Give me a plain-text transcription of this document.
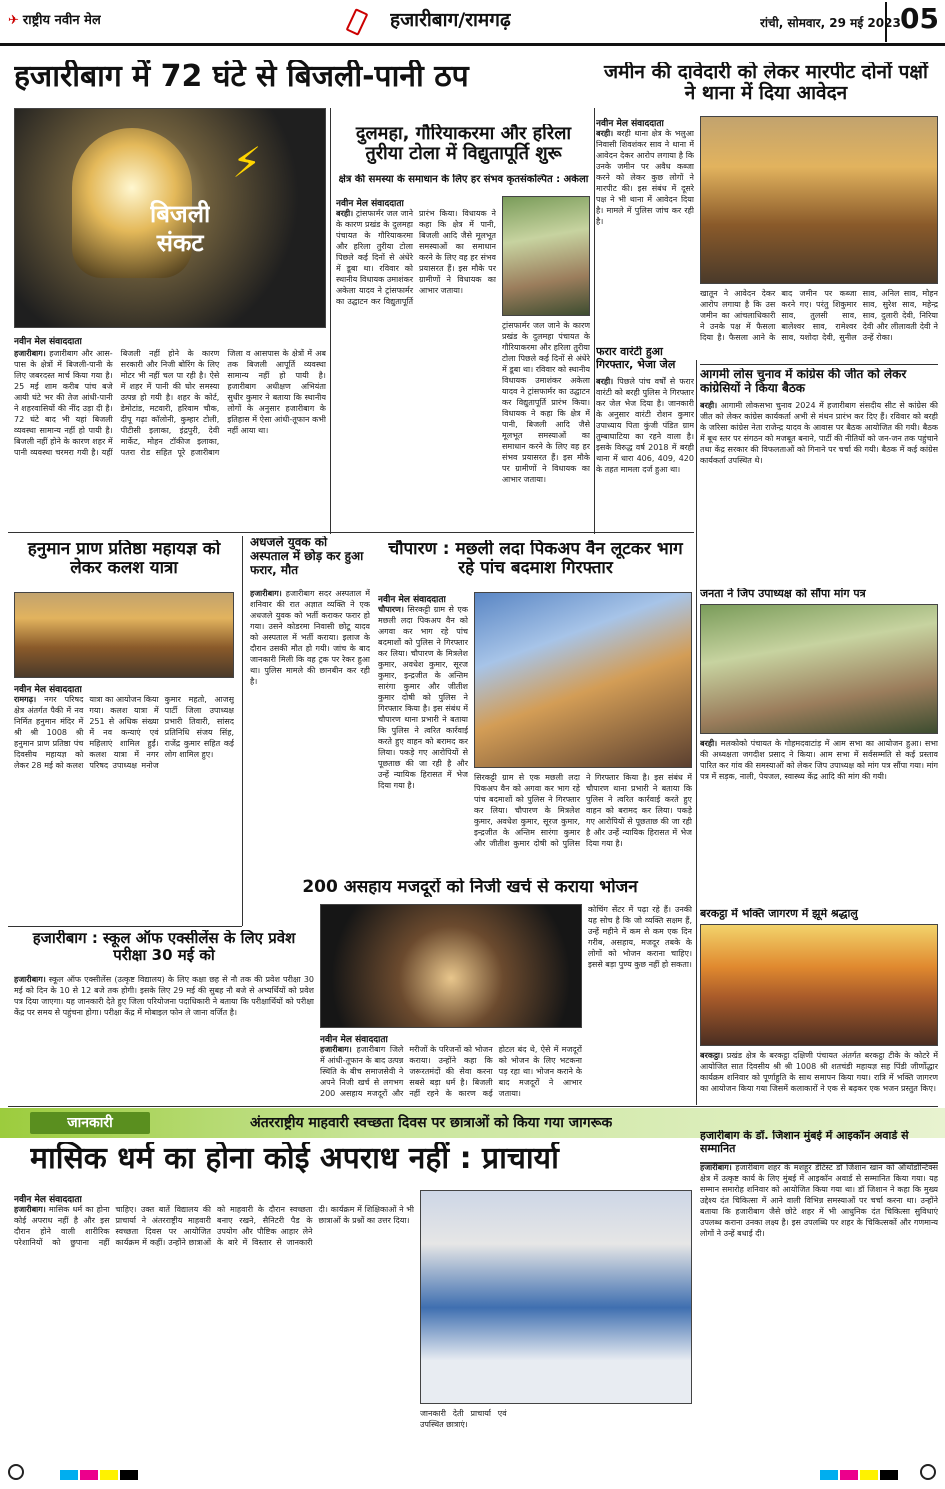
✈ राष्ट्रीय नवीन मेल	हजारीबाग/रामगढ़	रांची, सोमवार, 29 मई 2023 05
हजारीबाग में 72 घंटे से बिजली-पानी ठप
⚡
बिजली
संकट
नवीन मेल संवाददाता
हजारीबाग। हजारीबाग और आस-पास के क्षेत्रों में बिजली-पानी के लिए जबरदस्त मार्च किया गया है। 25 मई शाम करीब पांच बजे आयी घंटे भर की तेज आंधी-पानी ने शहरवासियों की नींद उड़ा दी है। 72 घंटे बाद भी यहां बिजली व्यवस्था सामान्य नहीं हो पायी है। बिजली नहीं होने के कारण शहर में पानी व्यवस्था चरमरा गयी है। यहीं बिजली नहीं होने के कारण सरकारी और निजी बोरिंग के लिए मोटर भी नहीं चल पा रही है। ऐसे में शहर में पानी की घोर समस्या उत्पन्न हो गयी है। शहर के कोर्ट, डेमोटांड, मटवारी, हरिवाम चौक, दीपू गढ़ा कॉलोनी, कुम्हार टोली, पीटीसी इलाका, इंद्रपुरी, देवी मार्केट, मोहन टॉकीज इलाका, पतरा रोड सहित पूरे हजारीबाग जिला व आसपास के क्षेत्रों में अब तक बिजली आपूर्ति व्यवस्था सामान्य नहीं हो पायी है। हजारीबाग अधीक्षण अभियंता सुधीर कुमार ने बताया कि स्थानीय लोगों के अनुसार हजारीबाग के इतिहास में ऐसा आंधी-तूफान कभी नहीं आया था।
दुलमहा, गौरियाकरमा और हरिला तुरीया टोला में विद्युतापूर्ति शुरू
क्षेत्र की समस्या के समाधान के लिए हर संभव कृतसंकल्पित : अकेला
नवीन मेल संवाददाता
बरही। ट्रांसफार्मर जल जाने के कारण प्रखंड के दुलमहा पंचायत के गौरियाकरमा और हरिला तुरीया टोला पिछले कई दिनों से अंधेरे में डूबा था। रविवार को स्थानीय विधायक उमाशंकर अकेला यादव ने ट्रांसफार्मर का उद्घाटन कर विद्युतापूर्ति प्रारंभ किया। विधायक ने कहा कि क्षेत्र में पानी, बिजली आदि जैसे मूलभूत समस्याओं का समाधान करने के लिए वह हर संभव प्रयासरत हैं। इस मौके पर ग्रामीणों ने विधायक का आभार जताया।
ट्रांसफार्मर जल जाने के कारण प्रखंड के दुलमहा पंचायत के गौरियाकरमा और हरिला तुरीया टोला पिछले कई दिनों से अंधेरे में डूबा था। रविवार को स्थानीय विधायक उमाशंकर अकेला यादव ने ट्रांसफार्मर का उद्घाटन कर विद्युतापूर्ति प्रारंभ किया। विधायक ने कहा कि क्षेत्र में पानी, बिजली आदि जैसे मूलभूत समस्याओं का समाधान करने के लिए वह हर संभव प्रयासरत हैं। इस मौके पर ग्रामीणों ने विधायक का आभार जताया।
जमीन की दावेदारी को लेकर मारपीट दोनों पक्षों ने थाना में दिया आवेदन
नवीन मेल संवाददाता
बरही। बरही थाना क्षेत्र के भलुआ निवासी शिवशंकर साव ने थाना में आवेदन देकर आरोप लगाया है कि उनके जमीन पर अवैध कब्जा करने को लेकर कुछ लोगों ने मारपीट की। इस संबंध में दूसरे पक्ष ने भी थाना में आवेदन दिया है। मामले में पुलिस जांच कर रही है।
खातून ने आवेदन देकर आरोप लगाया है कि उस जमीन का आंचलाधिकारी ने उनके पक्ष में फैसला दिया है। फैसला आने के बाद जमीन पर कब्जा करने गए। परंतु शिकुमार साव, तुलसी साव, बालेश्वर साव, रामेश्वर साव, यशोदा देवी, सुनील साव, अनिल साव, मोहन साव, सुरेश साव, महेन्द्र साव, दुलारी देवी, निरिया देवी और लीलावती देवी ने उन्हें रोका।
फरार वारंटी हुआ गिरफ्तार, भेजा जेल
बरही। पिछले पांच वर्षों से फरार वारंटी को बरही पुलिस ने गिरफ्तार कर जेल भेज दिया है। जानकारी के अनुसार वारंटी रोशन कुमार उपाध्याय पिता कुंजी पंडित ग्राम तुम्बाघाटिया का रहने वाला है। इसके विरुद्ध वर्ष 2018 में बरही थाना में धारा 406, 409, 420 के तहत मामला दर्ज हुआ था।
आगमी लोस चुनाव में कांग्रेस की जीत को लेकर कांग्रेसियों ने किया बैठक
बरही। आगामी लोकसभा चुनाव 2024 में हजारीबाग संसदीय सीट से कांग्रेस की जीत को लेकर कांग्रेस कार्यकर्ता अभी से मंथन प्रारंभ कर दिए हैं। रविवार को बरही के जरिसा कांग्रेस नेता राजेन्द्र यादव के आवास पर बैठक आयोजित की गयी। बैठक में बूथ स्तर पर संगठन को मजबूत बनाने, पार्टी की नीतियों को जन-जन तक पहुंचाने तथा केंद्र सरकार की विफलताओं को गिनाने पर चर्चा की गयी। बैठक में कई कांग्रेस कार्यकर्ता उपस्थित थे।
जनता ने जिप उपाध्यक्ष को सौंपा मांग पत्र
बरही। मलकोको पंचायत के गोहमदवाटांड़ में आम सभा का आयोजन हुआ। सभा की अध्यक्षता जगदीश प्रसाद ने किया। आम सभा में सर्वसम्मति से कई प्रस्ताव पारित कर गांव की समस्याओं को लेकर जिप उपाध्यक्ष को मांग पत्र सौंपा गया। मांग पत्र में सड़क, नाली, पेयजल, स्वास्थ्य केंद्र आदि की मांग की गयी।
बरकट्ठा में भक्ति जागरण में झूमे श्रद्धालु
बरकट्ठा। प्रखंड क्षेत्र के बरकट्ठा दक्षिणी पंचायत अंतर्गत बरकट्ठा टीके के कोटरे में आयोजित सात दिवसीय श्री श्री 1008 श्री शतचंडी महायज्ञ सह पिंडी जीर्णोद्धार कार्यक्रम शनिवार को पूर्णाहुति के साथ समापन किया गया। रात्रि में भक्ति जागरण का आयोजन किया गया जिसमें कलाकारों ने एक से बढ़कर एक भजन प्रस्तुत किए।
हनुमान प्राण प्रतिष्ठा महायज्ञ को लेकर कलश यात्रा
नवीन मेल संवाददाता
रामगढ़। नगर परिषद क्षेत्र अंतर्गत पैकी में नव निर्मित हनुमान मंदिर में श्री श्री 1008 श्री हनुमान प्राण प्रतिष्ठा पंच दिवसीय महायज्ञ को लेकर 28 मई को कलश यात्रा का आयोजन किया गया। कलश यात्रा में 251 से अधिक संख्या में नव कन्याएं एवं महिलाएं शामिल हुईं। कलश यात्रा में नगर परिषद उपाध्यक्ष मनोज कुमार महतो, आजसू पार्टी जिला उपाध्यक्ष प्रभारी तिवारी, सांसद प्रतिनिधि संजय सिंह, राजेंद्र कुमार सहित कई लोग शामिल हुए।
अधजले युवक को अस्पताल में छोड़ कर हुआ फरार, मौत
हजारीबाग। हजारीबाग सदर अस्पताल में शनिवार की रात अज्ञात व्यक्ति ने एक अधजले युवक को भर्ती कराकर फरार हो गया। उसने कोडरमा निवासी छोटू यादव को अस्पताल में भर्ती कराया। इलाज के दौरान उसकी मौत हो गयी। जांच के बाद जानकारी मिली कि वह ट्रक पर रेकर हुआ था। पुलिस मामले की छानबीन कर रही है।
चौपारण : मछली लदा पिकअप वैन लूटकर भाग रहे पांच बदमाश गिरफ्तार
नवीन मेल संवाददाता
चौपारण। सिरकट्टी ग्राम से एक मछली लदा पिकअप वैन को अगवा कर भाग रहे पांच बदमाशों को पुलिस ने गिरफ्तार कर लिया। चौपारण के मित्रलेश कुमार, अवधेश कुमार, सूरज कुमार, इन्द्रजीत के अन्तिम सारंगा कुमार और जीतीश कुमार दोषी को पुलिस ने गिरफ्तार किया है। इस संबंध में चौपारण थाना प्रभारी ने बताया कि पुलिस ने त्वरित कार्रवाई करते हुए वाहन को बरामद कर लिया। पकड़े गए आरोपियों से पूछताछ की जा रही है और उन्हें न्यायिक हिरासत में भेज दिया गया है।
सिरकट्टी ग्राम से एक मछली लदा पिकअप वैन को अगवा कर भाग रहे पांच बदमाशों को पुलिस ने गिरफ्तार कर लिया। चौपारण के मित्रलेश कुमार, अवधेश कुमार, सूरज कुमार, इन्द्रजीत के अन्तिम सारंगा कुमार और जीतीश कुमार दोषी को पुलिस ने गिरफ्तार किया है। इस संबंध में चौपारण थाना प्रभारी ने बताया कि पुलिस ने त्वरित कार्रवाई करते हुए वाहन को बरामद कर लिया। पकड़े गए आरोपियों से पूछताछ की जा रही है और उन्हें न्यायिक हिरासत में भेज दिया गया है।
हजारीबाग : स्कूल ऑफ एक्सीलेंस के लिए प्रवेश परीक्षा 30 मई को
हजारीबाग। स्कूल ऑफ एक्सीलेंस (उत्कृष्ट विद्यालय) के लिए कक्षा छह से नौ तक की प्रवेश परीक्षा 30 मई को दिन के 10 से 12 बजे तक होगी। इसके लिए 29 मई की सुबह नौ बजे से अभ्यर्थियों को प्रवेश पत्र दिया जाएगा। यह जानकारी देते हुए जिला परियोजना पदाधिकारी ने बताया कि परीक्षार्थियों को परीक्षा केंद्र पर समय से पहुंचना होगा। परीक्षा केंद्र में मोबाइल फोन ले जाना वर्जित है।
200 असहाय मजदूरों को निजी खर्च से कराया भोजन
कोचिंग सेंटर में पढ़ा रहे हैं। उनकी यह सोच है कि जो व्यक्ति सक्षम हैं, उन्हें महीने में कम से कम एक दिन गरीब, असहाय, मजदूर तबके के लोगों को भोजन कराना चाहिए। इससे बड़ा पुण्य कुछ नहीं हो सकता।
नवीन मेल संवाददाता
हजारीबाग। हजारीबाग जिले में आंधी-तूफान के बाद उत्पन्न स्थिति के बीच समाजसेवी ने अपने निजी खर्च से लगभग 200 असहाय मजदूरों और मरीजों के परिजनों को भोजन कराया। उन्होंने कहा कि जरूरतमंदों की सेवा करना सबसे बड़ा धर्म है। बिजली नहीं रहने के कारण कई होटल बंद थे, ऐसे में मजदूरों को भोजन के लिए भटकना पड़ रहा था। भोजन कराने के बाद मजदूरों ने आभार जताया।
जानकारी	अंतरराष्ट्रीय माहवारी स्वच्छता दिवस पर छात्राओं को किया गया जागरूक
मासिक धर्म का होना कोई अपराध नहीं : प्राचार्या
नवीन मेल संवाददाता
हजारीबाग। मासिक धर्म का होना कोई अपराध नहीं है और इस दौरान होने वाली शारीरिक परेशानियों को छुपाना नहीं चाहिए। उक्त बातें विद्यालय की प्राचार्या ने अंतरराष्ट्रीय माहवारी स्वच्छता दिवस पर आयोजित कार्यक्रम में कहीं। उन्होंने छात्राओं को माहवारी के दौरान स्वच्छता बनाए रखने, सैनिटरी पैड के उपयोग और पौष्टिक आहार लेने के बारे में विस्तार से जानकारी दी। कार्यक्रम में शिक्षिकाओं ने भी छात्राओं के प्रश्नों का उत्तर दिया।
जानकारी देती प्राचार्या एवं उपस्थित छात्राएं।
हजारीबाग के डॉ. जिशान मुंबई में आइकॉन अवार्ड से सम्मानित
हजारीबाग। हजारीबाग शहर के मशहूर डेंटिस्ट डॉ जिशान खान को ऑर्थोडॉन्टिक्स क्षेत्र में उत्कृष्ट कार्य के लिए मुंबई में आइकॉन अवार्ड से सम्मानित किया गया। यह सम्मान समारोह शनिवार को आयोजित किया गया था। डॉ जिशान ने कहा कि मुख्य उद्देश्य दंत चिकित्सा में आने वाली विभिन्न समस्याओं पर चर्चा करना था। उन्होंने बताया कि हजारीबाग जैसे छोटे शहर में भी आधुनिक दंत चिकित्सा सुविधाएं उपलब्ध कराना उनका लक्ष्य है। इस उपलब्धि पर शहर के चिकित्सकों और गणमान्य लोगों ने उन्हें बधाई दी।
